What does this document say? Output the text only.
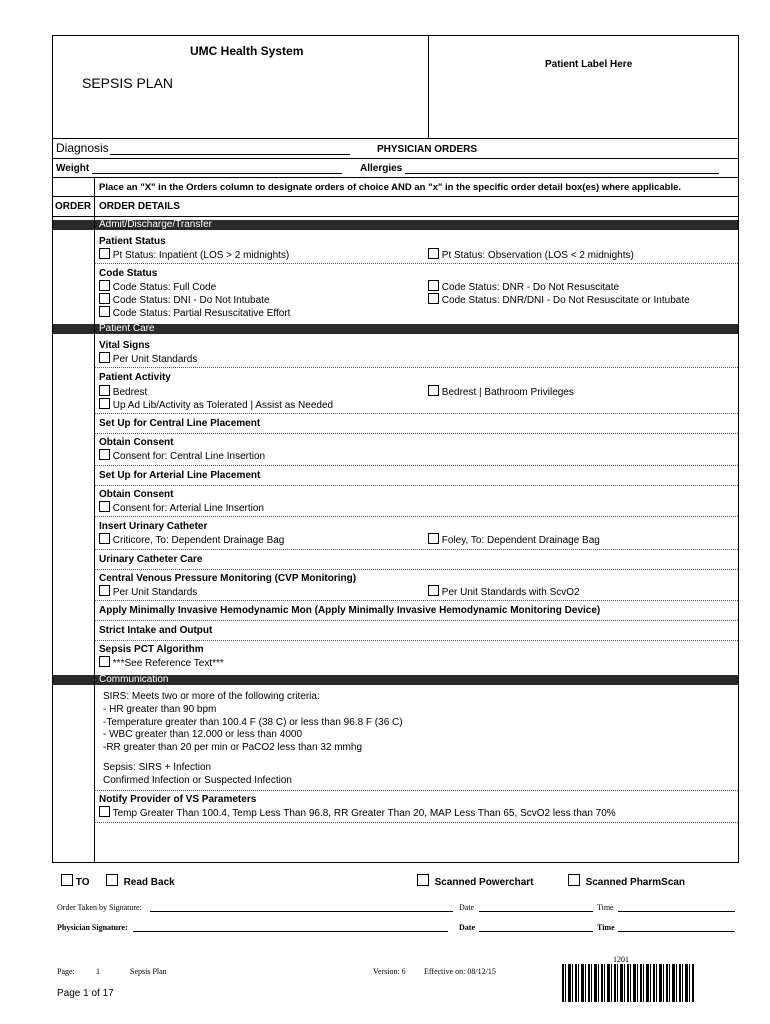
UMC Health System
SEPSIS PLAN
Patient Label Here
Diagnosis	PHYSICIAN ORDERS
Weight	Allergies
Place an "X" in the Orders column to designate orders of choice AND an "x" in the specific order detail box(es) where applicable.
ORDER ORDER DETAILS
Admit/Discharge/Transfer
Patient Status
Pt Status: Inpatient (LOS > 2 midnights)	Pt Status: Observation (LOS < 2 midnights)
Code Status
Code Status: Full Code	Code Status: DNR - Do Not Resuscitate
Code Status: DNI - Do Not Intubate	Code Status: DNR/DNI - Do Not Resuscitate or Intubate
Code Status: Partial Resuscitative Effort
Patient Care
Vital Signs
Per Unit Standards
Patient Activity
Bedrest	Bedrest | Bathroom Privileges
Up Ad Lib/Activity as Tolerated | Assist as Needed
Set Up for Central Line Placement
Obtain Consent
Consent for: Central Line Insertion
Set Up for Arterial Line Placement
Obtain Consent
Consent for: Arterial Line Insertion
Insert Urinary Catheter
Criticore, To: Dependent Drainage Bag	Foley, To: Dependent Drainage Bag
Urinary Catheter Care
Central Venous Pressure Monitoring (CVP Monitoring)
Per Unit Standards	Per Unit Standards with ScvO2
Apply Minimally Invasive Hemodynamic Mon (Apply Minimally Invasive Hemodynamic Monitoring Device)
Strict Intake and Output
Sepsis PCT Algorithm
***See Reference Text***
Communication
SIRS: Meets two or more of the following criteria:
- HR greater than 90 bpm
-Temperature greater than 100.4 F (38 C) or less than 96.8 F (36 C)
- WBC greater than 12.000 or less than 4000
-RR greater than 20 per min or PaCO2 less than 32 mmhg
Sepsis: SIRS + Infection
Confirmed Infection or Suspected Infection
Notify Provider of VS Parameters
Temp Greater Than 100.4, Temp Less Than 96.8, RR Greater Than 20, MAP Less Than 65, ScvO2 less than 70%
TO	Read Back	Scanned Powerchart	Scanned PharmScan
Order Taken by Signature:	Date	Time
Physician Signature:	Date	Time
Page:	1	Sepsis Plan	Version: 6 Effective on: 08/12/15
1201
Page 1 of 17
